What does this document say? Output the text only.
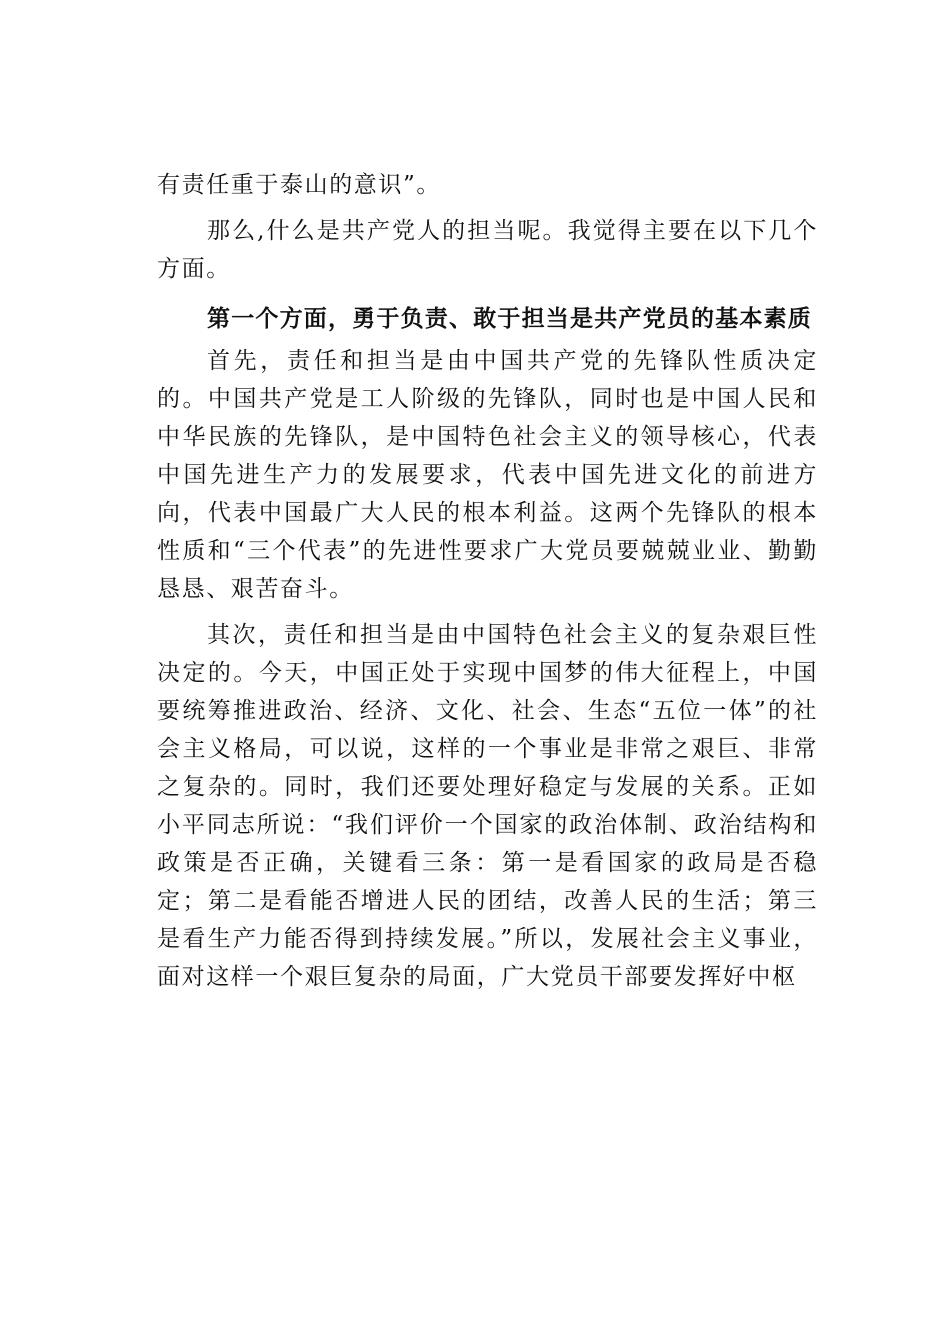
有责任重于泰山的意识”。

那么,什么是共产党人的担当呢。我觉得主要在以下几个方面。

第一个方面，勇于负责、敢于担当是共产党员的基本素质

首先，责任和担当是由中国共产党的先锋队性质决定的。中国共产党是工人阶级的先锋队，同时也是中国人民和中华民族的先锋队，是中国特色社会主义的领导核心，代表中国先进生产力的发展要求，代表中国先进文化的前进方向，代表中国最广大人民的根本利益。这两个先锋队的根本性质和“三个代表”的先进性要求广大党员要兢兢业业、勤勤恳恳、艰苦奋斗。

其次，责任和担当是由中国特色社会主义的复杂艰巨性决定的。今天，中国正处于实现中国梦的伟大征程上，中国要统筹推进政治、经济、文化、社会、生态“五位一体”的社会主义格局，可以说，这样的一个事业是非常之艰巨、非常之复杂的。同时，我们还要处理好稳定与发展的关系。正如小平同志所说：“我们评价一个国家的政治体制、政治结构和政策是否正确，关键看三条：第一是看国家的政局是否稳定；第二是看能否增进人民的团结，改善人民的生活；第三是看生产力能否得到持续发展。”所以，发展社会主义事业，面对这样一个艰巨复杂的局面，广大党员干部要发挥好中枢
